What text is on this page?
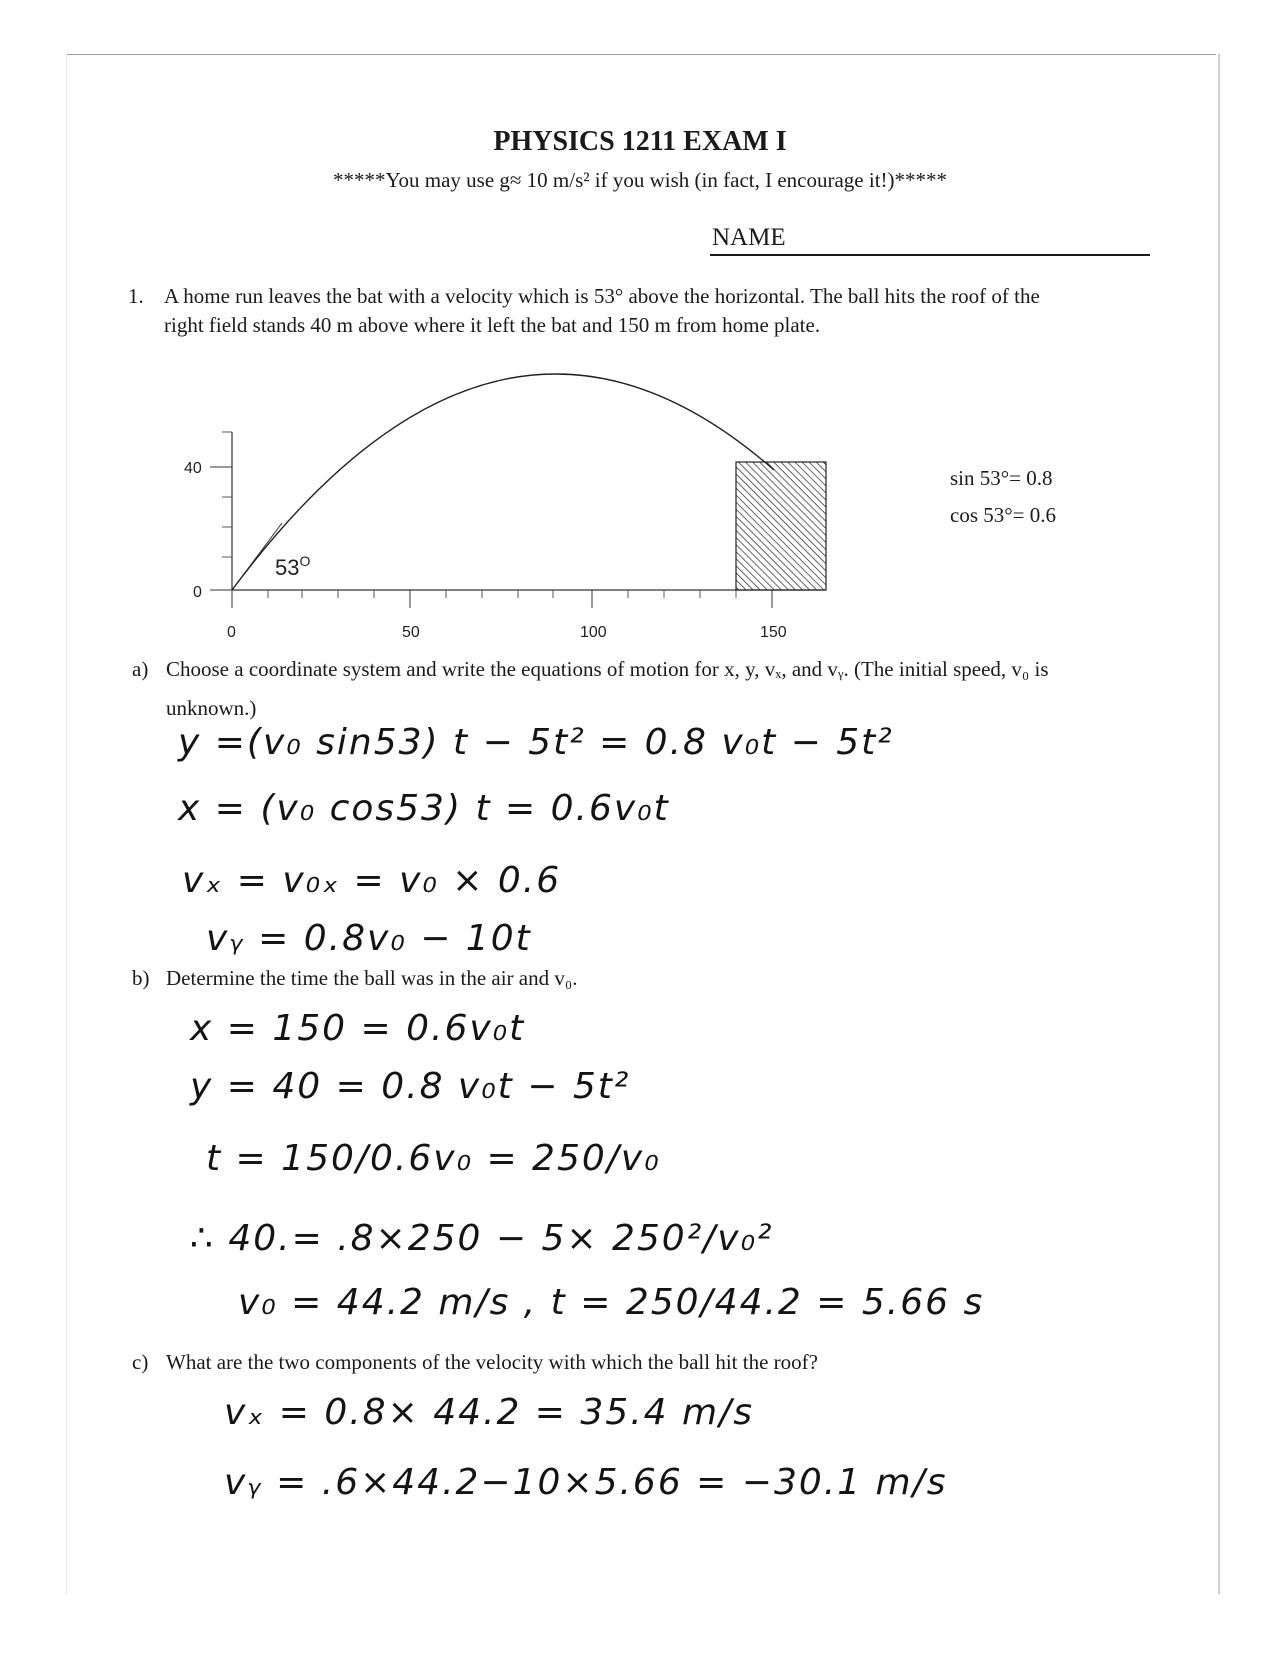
PHYSICS 1211 EXAM I
*****You may use g≈ 10 m/s² if you wish (in fact, I encourage it!)*****
NAME
1. A home run leaves the bat with a velocity which is 53° above the horizontal. The ball hits the roof of the
right field stands 40 m above where it left the bat and 150 m from home plate.
40
0
0	50	100	150
$53^O$
sin 53°= 0.8
cos 53°= 0.6
a) Choose a coordinate system and write the equations of motion for x, y, vₓ, and vᵧ. (The initial speed, v₀ is
unknown.)
y =(v₀ sin53) t − 5t² = 0.8 v₀t − 5t²
x = (v₀ cos53) t = 0.6v₀t
vₓ = v₀ₓ = v₀ × 0.6
vᵧ = 0.8v₀ − 10t
b) Determine the time the ball was in the air and v₀.
x = 150 = 0.6v₀t
y = 40 = 0.8 v₀t − 5t²
t = 150/0.6v₀ = 250/v₀
∴ 40.= .8×250 − 5× 250²/v₀²
v₀ = 44.2 m/s , t = 250/44.2 = 5.66 s
c) What are the two components of the velocity with which the ball hit the roof?
vₓ = 0.8× 44.2 = 35.4 m/s
vᵧ = .6×44.2−10×5.66 = −30.1 m/s
